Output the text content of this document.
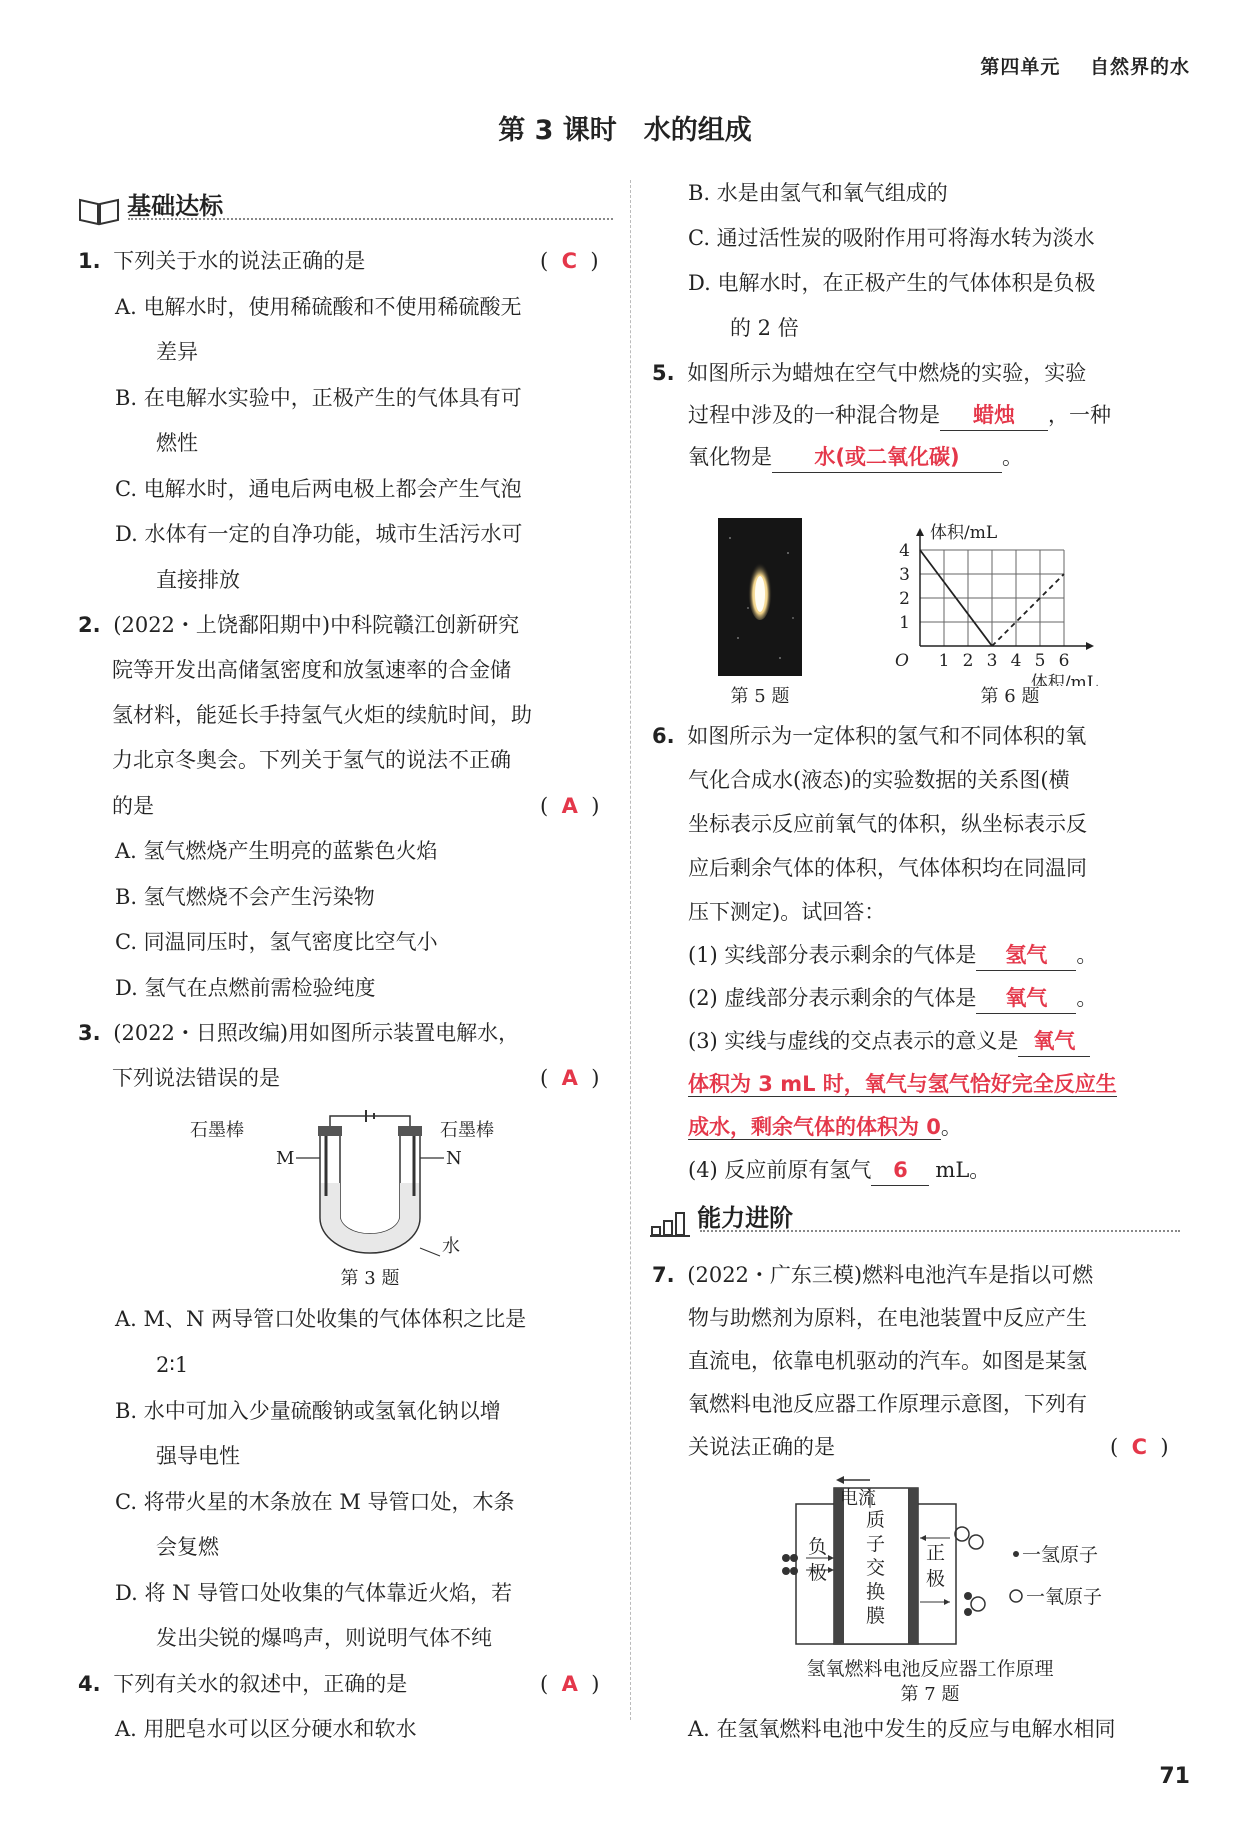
第四单元 自然界的水
第 3 课时　水的组成
基础达标
1. 下列关于水的说法正确的是	( C )
A. 电解水时，使用稀硫酸和不使用稀硫酸无
差异
B. 在电解水实验中，正极产生的气体具有可
燃性
C. 电解水时，通电后两电极上都会产生气泡
D. 水体有一定的自净功能，城市生活污水可
直接排放
2. (2022・上饶鄱阳期中)中科院赣江创新研究
院等开发出高储氢密度和放氢速率的合金储
氢材料，能延长手持氢气火炬的续航时间，助
力北京冬奥会。下列关于氢气的说法不正确
的是	( A )
A. 氢气燃烧产生明亮的蓝紫色火焰
B. 氢气燃烧不会产生污染物
C. 同温同压时，氢气密度比空气小
D. 氢气在点燃前需检验纯度
3. (2022・日照改编)用如图所示装置电解水，
下列说法错误的是	( A )
石墨棒	石墨棒
M	N
水
第 3 题
A. M、N 两导管口处收集的气体体积之比是
2∶1
B. 水中可加入少量硫酸钠或氢氧化钠以增
强导电性
C. 将带火星的木条放在 M 导管口处，木条
会复燃
D. 将 N 导管口处收集的气体靠近火焰，若
发出尖锐的爆鸣声，则说明气体不纯
4. 下列有关水的叙述中，正确的是	( A )
A. 用肥皂水可以区分硬水和软水
B. 水是由氢气和氧气组成的
C. 通过活性炭的吸附作用可将海水转为淡水
D. 电解水时，在正极产生的气体体积是负极
的 2 倍
5. 如图所示为蜡烛在空气中燃烧的实验，实验
过程中涉及的一种混合物是 蜡烛 ，一种
氧化物是 水(或二氧化碳) 。
第 5 题
1 2 3 4 5 6
1
2
3
4
O
体积/mL
体积/mL
第 6 题
6. 如图所示为一定体积的氢气和不同体积的氧
气化合成水(液态)的实验数据的关系图(横
坐标表示反应前氧气的体积，纵坐标表示反
应后剩余气体的体积，气体体积均在同温同
压下测定)。试回答：
(1) 实线部分表示剩余的气体是 氢气 。
(2) 虚线部分表示剩余的气体是 氧气 。
(3) 实线与虚线的交点表示的意义是 氧气
体积为 3 mL 时，氧气与氢气恰好完全反应生
成水，剩余气体的体积为 0。
(4) 反应前原有氢气 6 mL。
能力进阶
7. (2022・广东三模)燃料电池汽车是指以可燃
物与助燃剂为原料，在电池装置中反应产生
直流电，依靠电机驱动的汽车。如图是某氢
氧燃料电池反应器工作原理示意图，下列有
关说法正确的是	( C )
电流
负极
质子交换膜
正极
一氢原子
一氧原子
氢氧燃料电池反应器工作原理
第 7 题
A. 在氢氧燃料电池中发生的反应与电解水相同
71
